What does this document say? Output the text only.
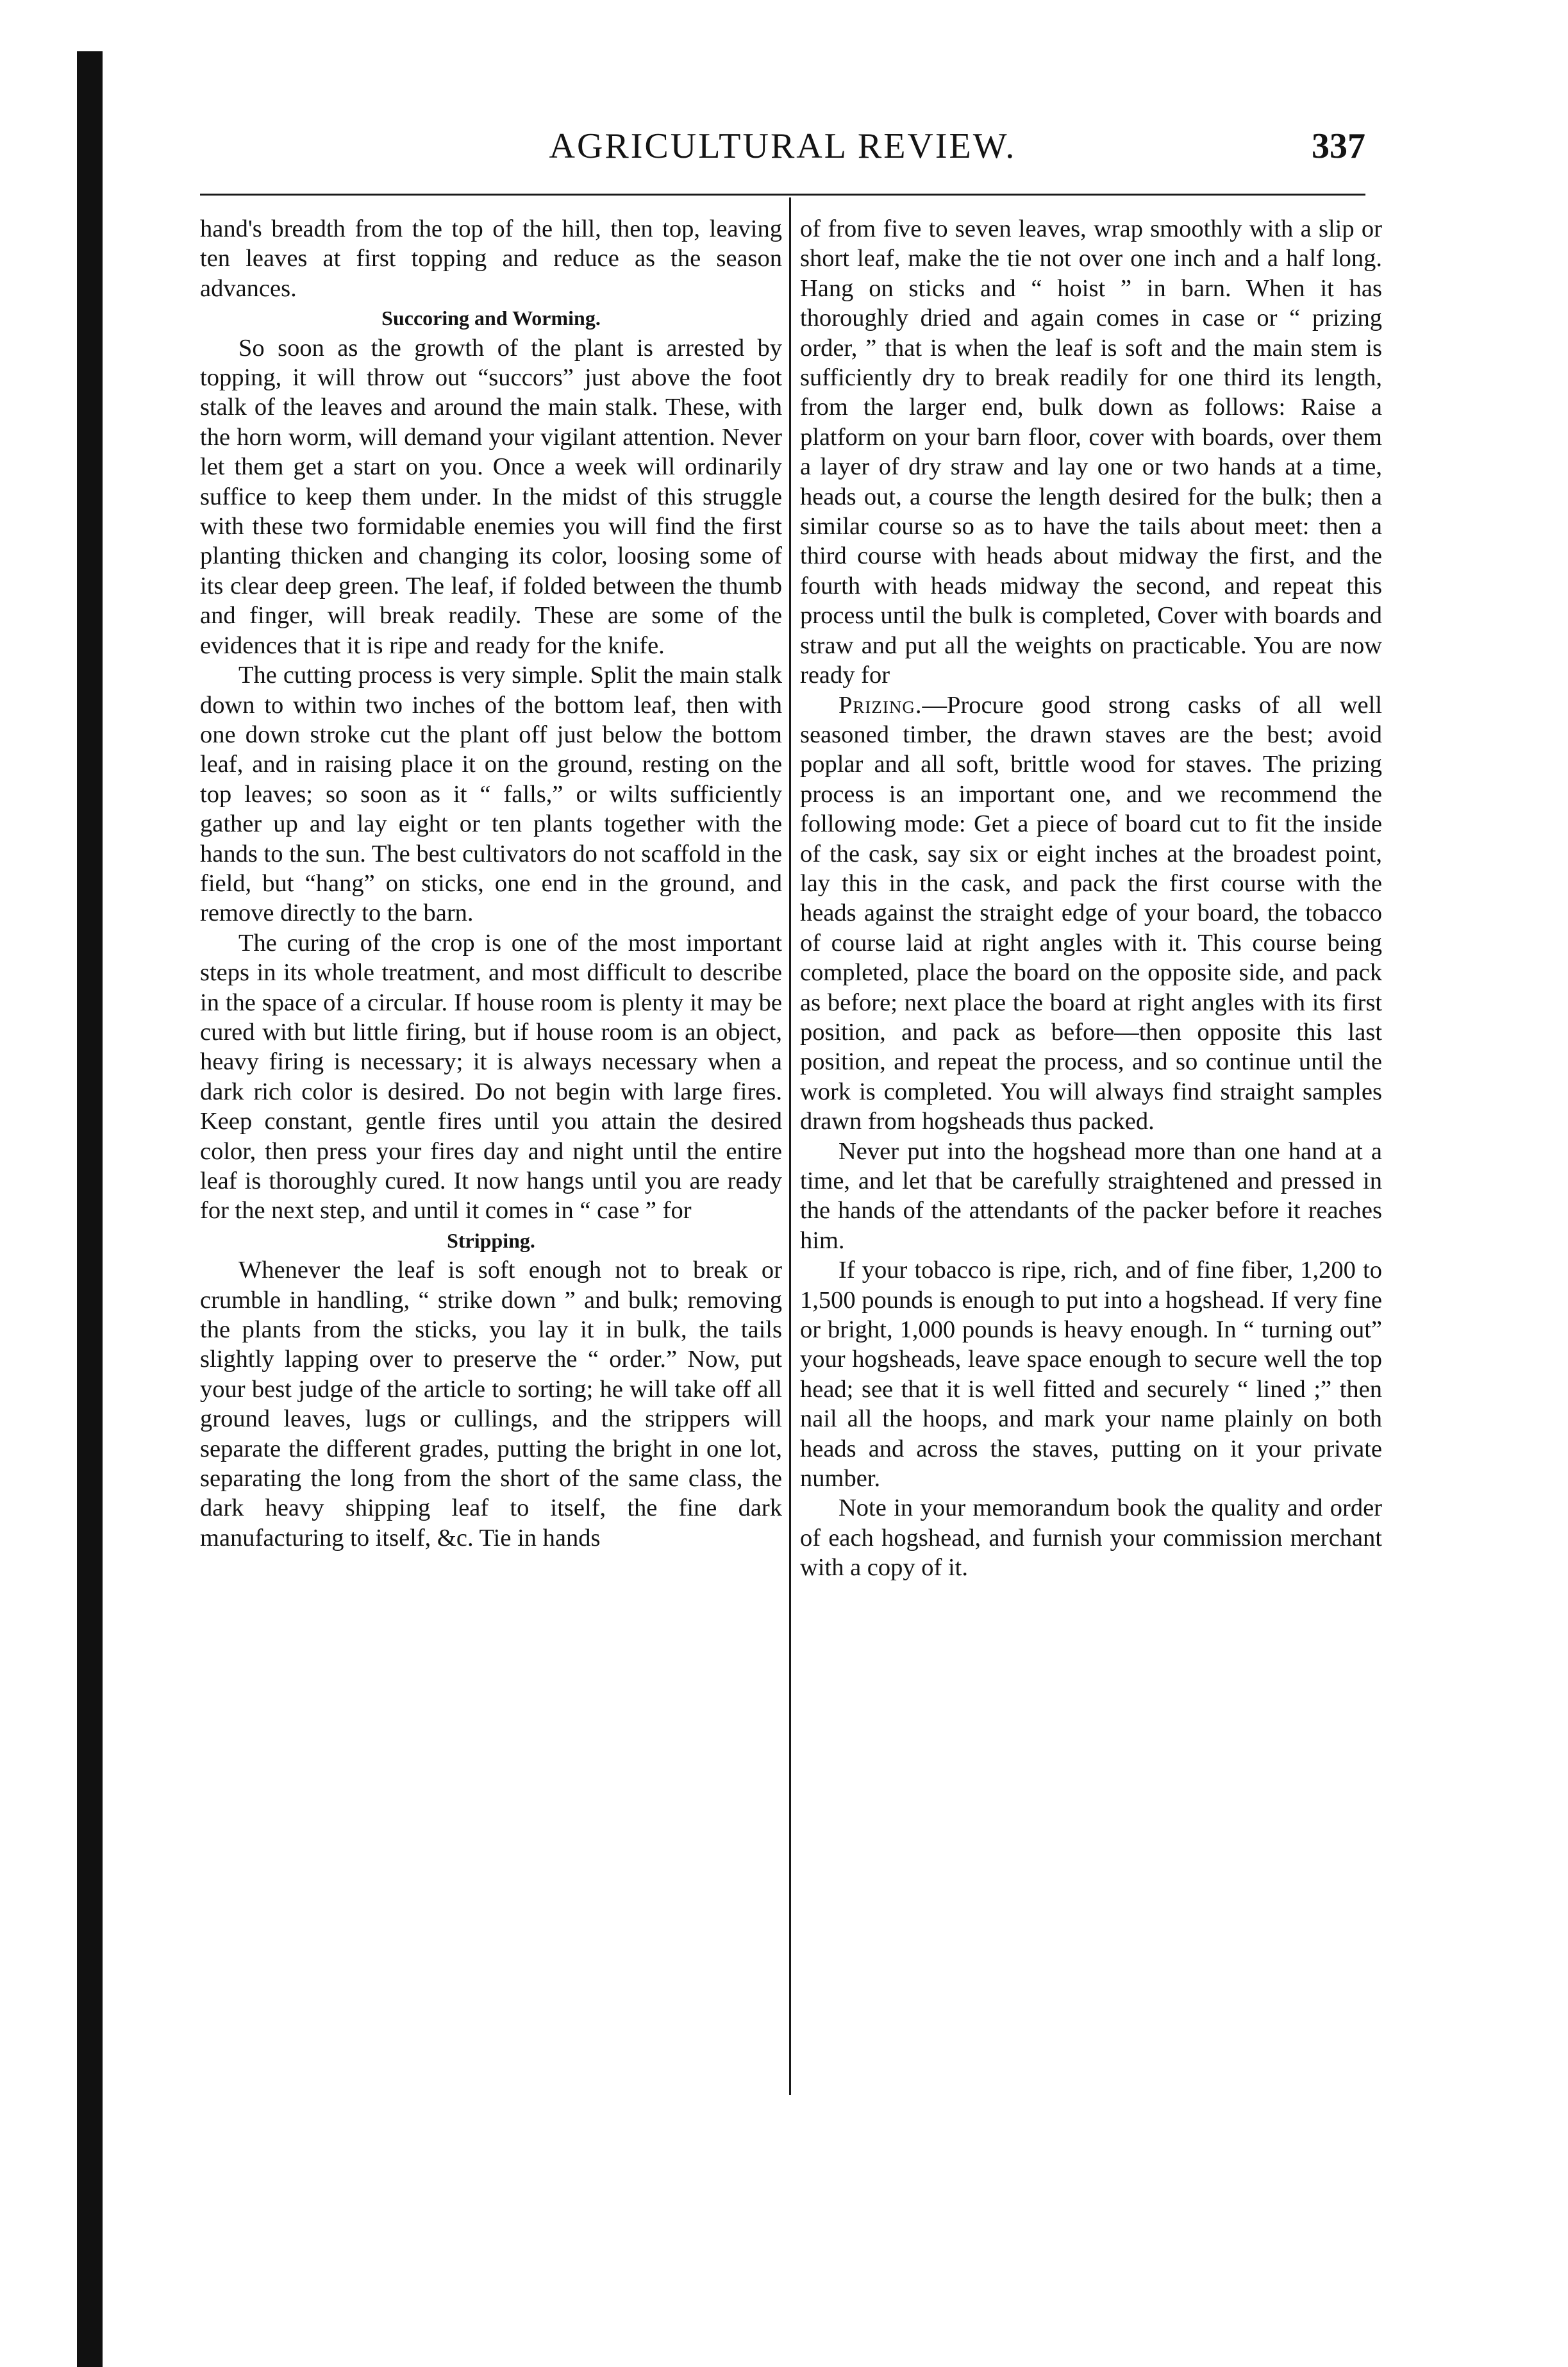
AGRICULTURAL REVIEW.	337

hand's breadth from the top of the hill, then top, leaving ten leaves at first topping and reduce as the season advances.

Succoring and Worming.

So soon as the growth of the plant is arrested by topping, it will throw out “succors” just above the foot stalk of the leaves and around the main stalk. These, with the horn worm, will demand your vigilant attention. Never let them get a start on you. Once a week will ordinarily suffice to keep them under. In the midst of this struggle with these two formidable enemies you will find the first planting thicken and changing its color, loosing some of its clear deep green. The leaf, if folded between the thumb and finger, will break readily. These are some of the evidences that it is ripe and ready for the knife.

The cutting process is very simple. Split the main stalk down to within two inches of the bottom leaf, then with one down stroke cut the plant off just below the bottom leaf, and in raising place it on the ground, resting on the top leaves; so soon as it “ falls,” or wilts sufficiently gather up and lay eight or ten plants together with the hands to the sun. The best cultivators do not scaffold in the field, but “hang” on sticks, one end in the ground, and remove directly to the barn.

The curing of the crop is one of the most important steps in its whole treatment, and most difficult to describe in the space of a circular. If house room is plenty it may be cured with but little firing, but if house room is an object, heavy firing is necessary; it is always necessary when a dark rich color is desired. Do not begin with large fires. Keep constant, gentle fires until you attain the desired color, then press your fires day and night until the entire leaf is thoroughly cured. It now hangs until you are ready for the next step, and until it comes in “ case ” for

Stripping.

Whenever the leaf is soft enough not to break or crumble in handling, “ strike down ” and bulk; removing the plants from the sticks, you lay it in bulk, the tails slightly lapping over to preserve the “ order.” Now, put your best judge of the article to sorting; he will take off all ground leaves, lugs or cullings, and the strippers will separate the different grades, putting the bright in one lot, separating the long from the short of the same class, the dark heavy shipping leaf to itself, the fine dark manufacturing to itself, &c. Tie in hands

of from five to seven leaves, wrap smoothly with a slip or short leaf, make the tie not over one inch and a half long. Hang on sticks and “ hoist ” in barn. When it has thoroughly dried and again comes in case or “ prizing order, ” that is when the leaf is soft and the main stem is sufficiently dry to break readily for one third its length, from the larger end, bulk down as follows: Raise a platform on your barn floor, cover with boards, over them a layer of dry straw and lay one or two hands at a time, heads out, a course the length desired for the bulk; then a similar course so as to have the tails about meet: then a third course with heads about midway the first, and the fourth with heads midway the second, and repeat this process until the bulk is completed, Cover with boards and straw and put all the weights on practicable. You are now ready for

Prizing.—Procure good strong casks of all well seasoned timber, the drawn staves are the best; avoid poplar and all soft, brittle wood for staves. The prizing process is an important one, and we recommend the following mode: Get a piece of board cut to fit the inside of the cask, say six or eight inches at the broadest point, lay this in the cask, and pack the first course with the heads against the straight edge of your board, the tobacco of course laid at right angles with it. This course being completed, place the board on the opposite side, and pack as before; next place the board at right angles with its first position, and pack as before—then opposite this last position, and repeat the process, and so continue until the work is completed. You will always find straight samples drawn from hogsheads thus packed.

Never put into the hogshead more than one hand at a time, and let that be carefully straightened and pressed in the hands of the attendants of the packer before it reaches him.

If your tobacco is ripe, rich, and of fine fiber, 1,200 to 1,500 pounds is enough to put into a hogshead. If very fine or bright, 1,000 pounds is heavy enough. In “ turning out” your hogsheads, leave space enough to secure well the top head; see that it is well fitted and securely “ lined ;” then nail all the hoops, and mark your name plainly on both heads and across the staves, putting on it your private number.

Note in your memorandum book the quality and order of each hogshead, and furnish your commission merchant with a copy of it.
